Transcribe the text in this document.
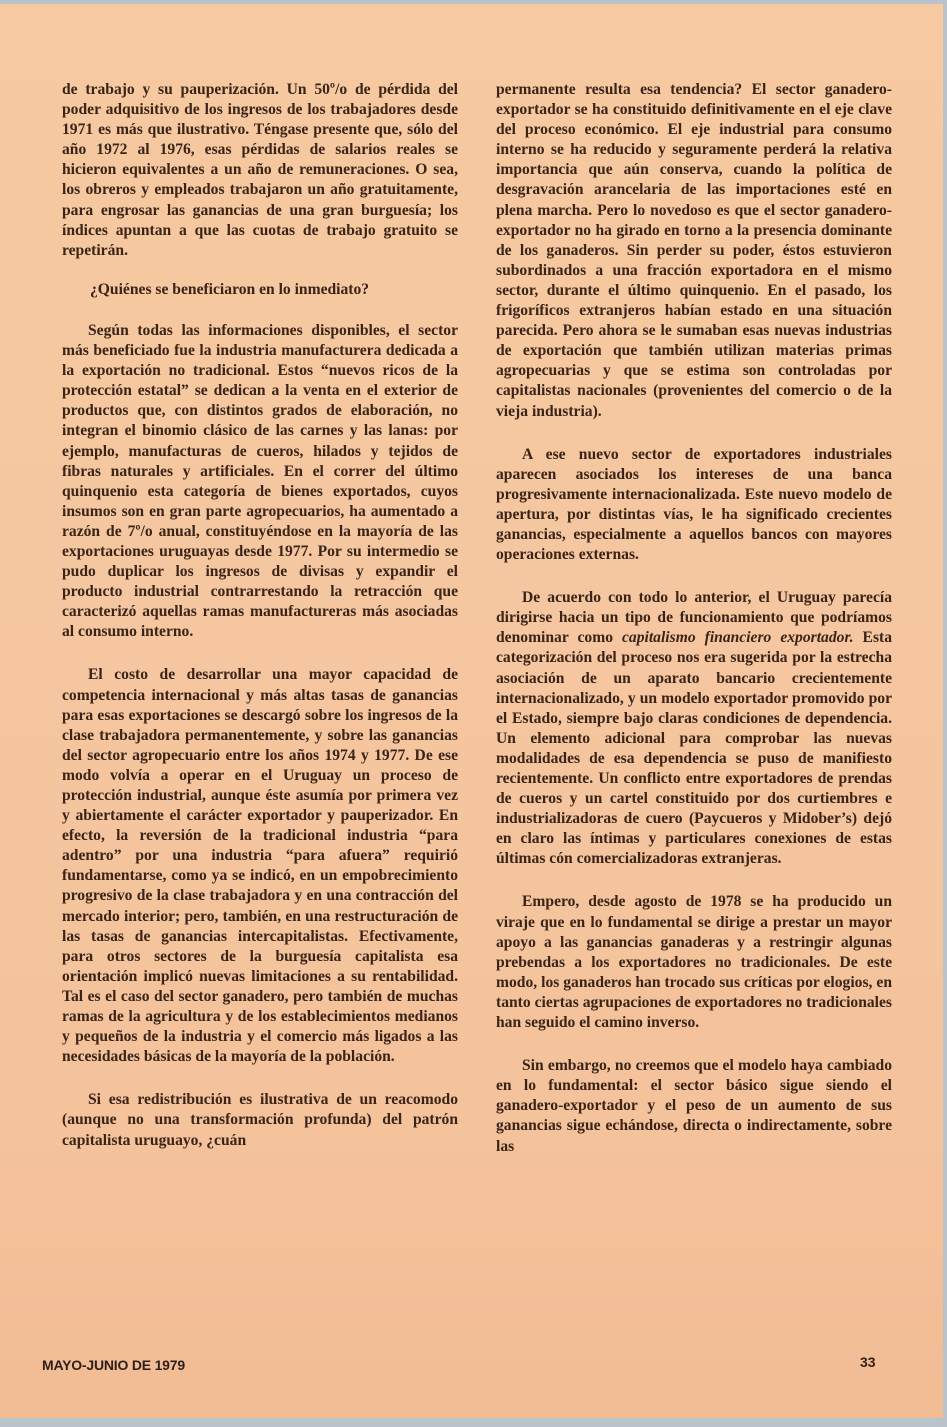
de trabajo y su pauperización. Un 50º/o de pérdida del poder adquisitivo de los ingresos de los trabajadores desde 1971 es más que ilustrativo. Téngase presente que, sólo del año 1972 al 1976, esas pérdidas de salarios reales se hicieron equivalentes a un año de remuneraciones. O sea, los obreros y empleados trabajaron un año gratuitamente, para engrosar las ganancias de una gran burguesía; los índices apuntan a que las cuotas de trabajo gratuito se repetirán.

¿Quiénes se beneficiaron en lo inmediato?

Según todas las informaciones disponibles, el sector más beneficiado fue la industria manufacturera dedicada a la exportación no tradicional. Estos “nuevos ricos de la protección estatal” se dedican a la venta en el exterior de productos que, con distintos grados de elaboración, no integran el binomio clásico de las carnes y las lanas: por ejemplo, manufacturas de cueros, hilados y tejidos de fibras naturales y artificiales. En el correr del último quinquenio esta categoría de bienes exportados, cuyos insumos son en gran parte agropecuarios, ha aumentado a razón de 7º/o anual, constituyéndose en la mayoría de las exportaciones uruguayas desde 1977. Por su intermedio se pudo duplicar los ingresos de divisas y expandir el producto industrial contrarrestando la retracción que caracterizó aquellas ramas manufactureras más asociadas al consumo interno.

El costo de desarrollar una mayor capacidad de competencia internacional y más altas tasas de ganancias para esas exportaciones se descargó sobre los ingresos de la clase trabajadora permanentemente, y sobre las ganancias del sector agropecuario entre los años 1974 y 1977. De ese modo volvía a operar en el Uruguay un proceso de protección industrial, aunque éste asumía por primera vez y abiertamente el carácter exportador y pauperizador. En efecto, la reversión de la tradicional industria “para adentro” por una industria “para afuera” requirió fundamentarse, como ya se indicó, en un empobrecimiento progresivo de la clase trabajadora y en una contracción del mercado interior; pero, también, en una restructuración de las tasas de ganancias intercapitalistas. Efectivamente, para otros sectores de la burguesía capitalista esa orientación implicó nuevas limitaciones a su rentabilidad. Tal es el caso del sector ganadero, pero también de muchas ramas de la agricultura y de los establecimientos medianos y pequeños de la industria y el comercio más ligados a las necesidades básicas de la mayoría de la población.

Si esa redistribución es ilustrativa de un reacomodo (aunque no una transformación profunda) del patrón capitalista uruguayo, ¿cuán

permanente resulta esa tendencia? El sector ganadero-exportador se ha constituido definitivamente en el eje clave del proceso económico. El eje industrial para consumo interno se ha reducido y seguramente perderá la relativa importancia que aún conserva, cuando la política de desgravación arancelaria de las importaciones esté en plena marcha. Pero lo novedoso es que el sector ganadero-exportador no ha girado en torno a la presencia dominante de los ganaderos. Sin perder su poder, éstos estuvieron subordinados a una fracción exportadora en el mismo sector, durante el último quinquenio. En el pasado, los frigoríficos extranjeros habían estado en una situación parecida. Pero ahora se le sumaban esas nuevas industrias de exportación que también utilizan materias primas agropecuarias y que se estima son controladas por capitalistas nacionales (provenientes del comercio o de la vieja industria).

A ese nuevo sector de exportadores industriales aparecen asociados los intereses de una banca progresivamente internacionalizada. Este nuevo modelo de apertura, por distintas vías, le ha significado crecientes ganancias, especialmente a aquellos bancos con mayores operaciones externas.

De acuerdo con todo lo anterior, el Uruguay parecía dirigirse hacia un tipo de funcionamiento que podríamos denominar como capitalismo financiero exportador. Esta categorización del proceso nos era sugerida por la estrecha asociación de un aparato bancario crecientemente internacionalizado, y un modelo exportador promovido por el Estado, siempre bajo claras condiciones de dependencia. Un elemento adicional para comprobar las nuevas modalidades de esa dependencia se puso de manifiesto recientemente. Un conflicto entre exportadores de prendas de cueros y un cartel constituido por dos curtiembres e industrializadoras de cuero (Paycueros y Midober’s) dejó en claro las íntimas y particulares conexiones de estas últimas cón comercializadoras extranjeras.

Empero, desde agosto de 1978 se ha producido un viraje que en lo fundamental se dirige a prestar un mayor apoyo a las ganancias ganaderas y a restringir algunas prebendas a los exportadores no tradicionales. De este modo, los ganaderos han trocado sus críticas por elogios, en tanto ciertas agrupaciones de exportadores no tradicionales han seguido el camino inverso.

Sin embargo, no creemos que el modelo haya cambiado en lo fundamental: el sector básico sigue siendo el ganadero-exportador y el peso de un aumento de sus ganancias sigue echándose, directa o indirectamente, sobre las

MAYO-JUNIO DE 1979	33
